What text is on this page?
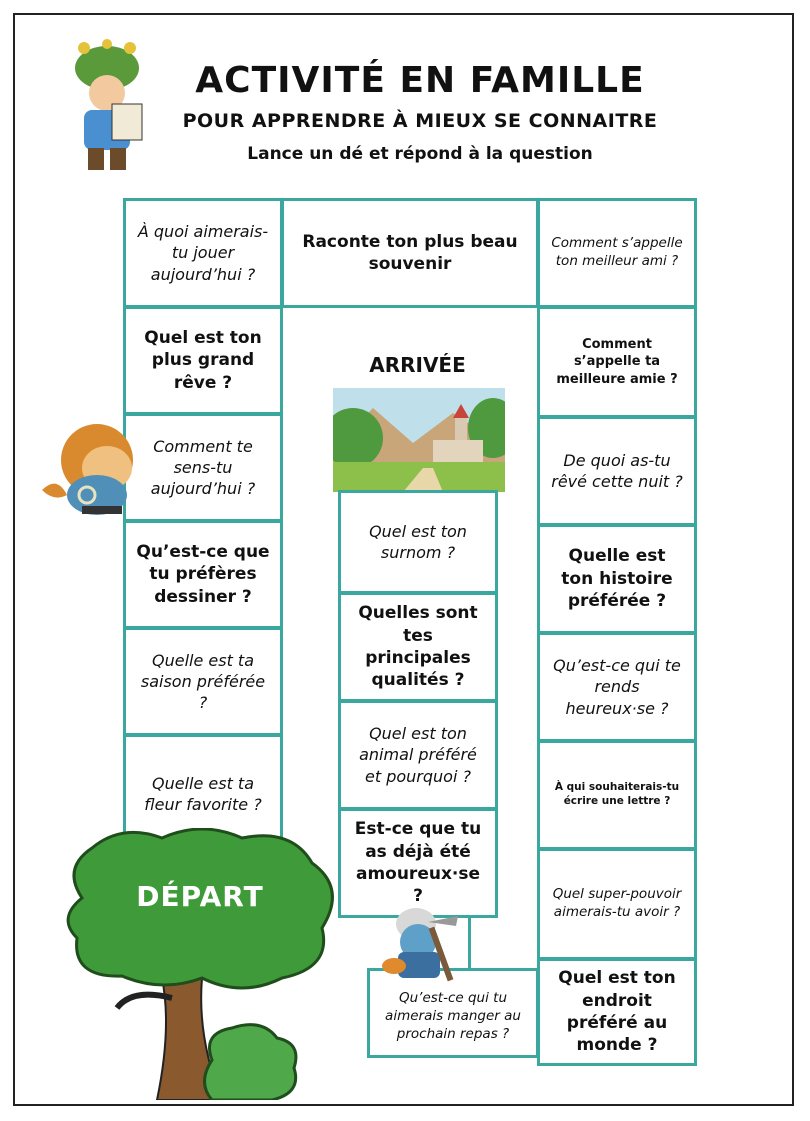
ACTIVITÉ EN FAMILLE
POUR APPRENDRE À MIEUX SE CONNAITRE
Lance un dé et répond à la question
À quoi aimerais-tu jouer aujourd’hui ?
Raconte ton plus beau souvenir
Comment s’appelle ton meilleur ami ?
Quel est ton plus grand rêve ?
Comment te sens-tu aujourd’hui ?
Qu’est-ce que tu préfères dessiner ?
Quelle est ta saison préférée ?
Quelle est ta fleur favorite ?
Comment s’appelle ta meilleure amie ?
De quoi as-tu rêvé cette nuit ?
Quelle est ton histoire préférée ?
Qu’est-ce qui te rends heureux·se ?
À qui souhaiterais-tu écrire une lettre ?
Quel super-pouvoir aimerais-tu avoir ?
Quel est ton endroit préféré au monde ?
ARRIVÉE
Quel est ton surnom ?
Quelles sont tes principales qualités ?
Quel est ton animal préféré et pourquoi ?
Est-ce que tu as déjà été amoureux·se ?
Qu’est-ce qui tu aimerais manger au prochain repas ?
DÉPART
